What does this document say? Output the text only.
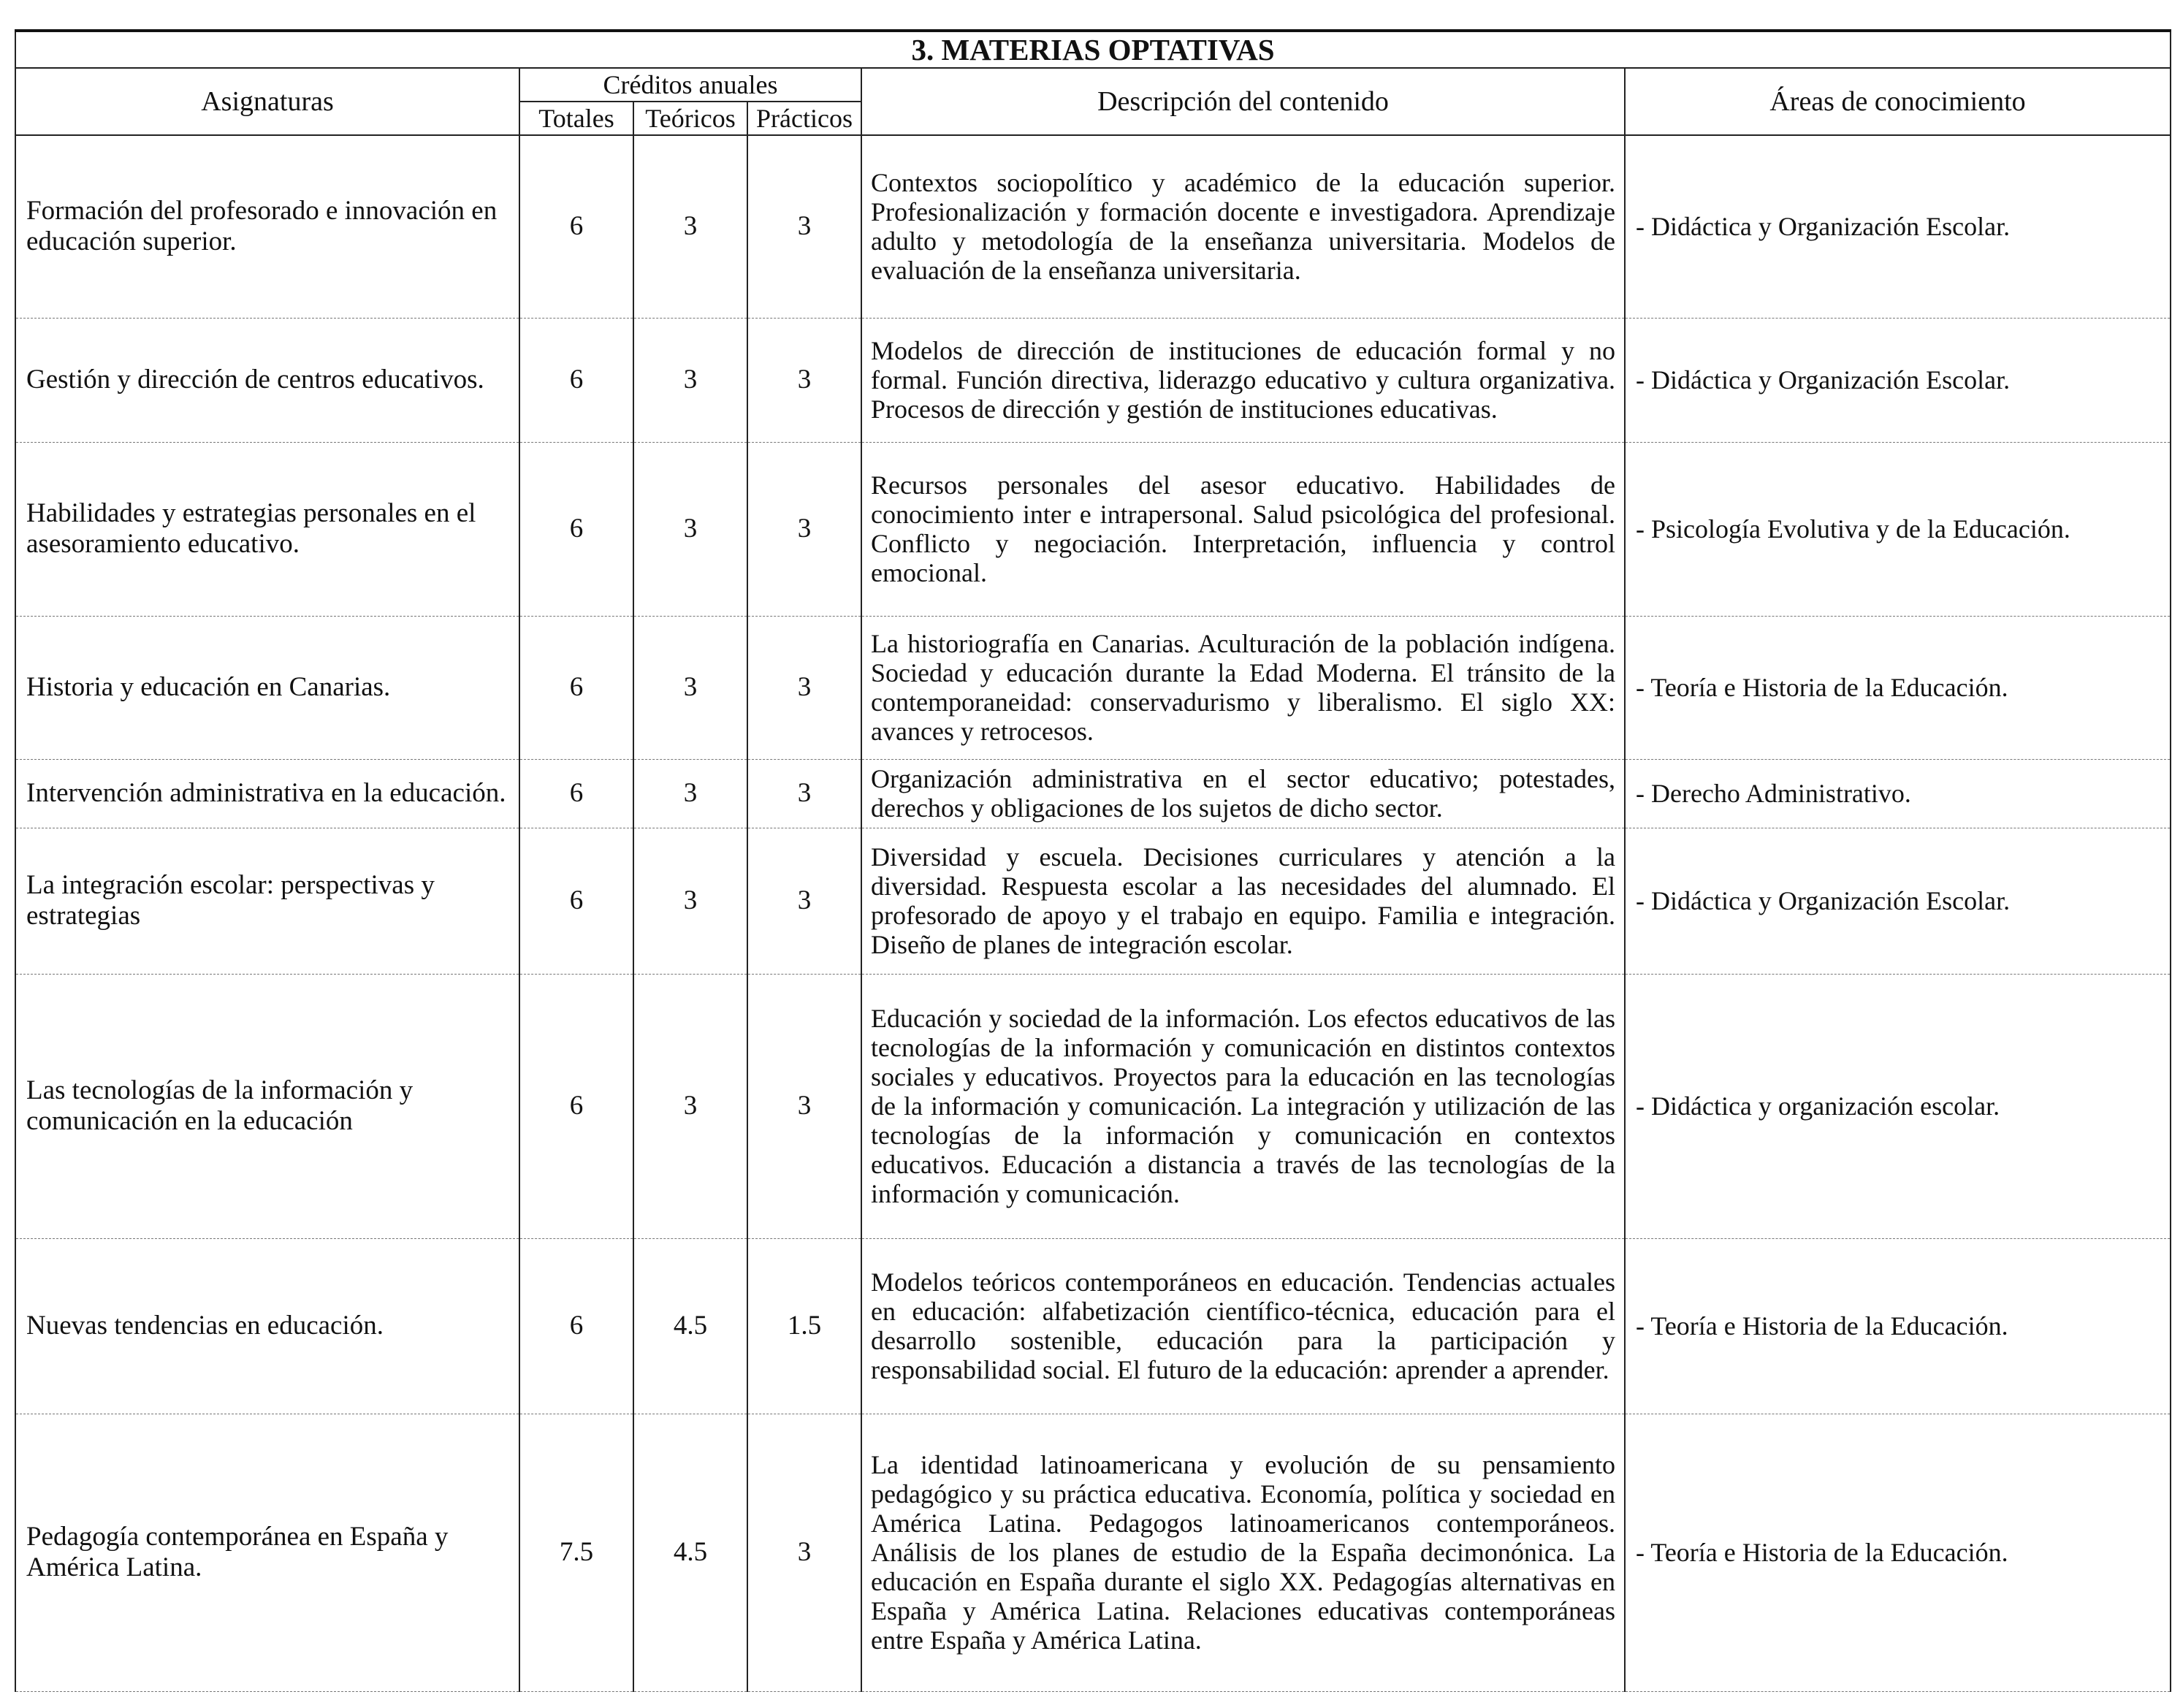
3. MATERIAS OPTATIVAS					
Asignaturas	Créditos anuales			Descripción del contenido	Áreas de conocimiento
	Totales	Teóricos	Prácticos		
Formación del profesorado e innovación en educación superior.	6	3	3	Contextos sociopolítico y académico de la educación superior. Profesionalización y formación docente e investigadora. Aprendizaje adulto y metodología de la enseñanza universitaria. Modelos de evaluación de la enseñanza universitaria.	- Didáctica y Organización Escolar.
Gestión y dirección de centros educativos.	6	3	3	Modelos de dirección de instituciones de educación formal y no formal. Función directiva, liderazgo educativo y cultura organizativa. Procesos de dirección y gestión de instituciones educativas.	- Didáctica y Organización Escolar.
Habilidades y estrategias personales en el asesoramiento educativo.	6	3	3	Recursos personales del asesor educativo. Habilidades de conocimiento inter e intrapersonal. Salud psicológica del profesional. Conflicto y negociación. Interpretación, influencia y control emocional.	- Psicología Evolutiva y de la Educación.
Historia y educación en Canarias.	6	3	3	La historiografía en Canarias. Aculturación de la población indígena. Sociedad y educación durante la Edad Moderna. El tránsito de la contemporaneidad: conservadurismo y liberalismo. El siglo XX: avances y retrocesos.	- Teoría e Historia de la Educación.
Intervención administrativa en la educación.	6	3	3	Organización administrativa en el sector educativo; potestades, derechos y obligaciones de los sujetos de dicho sector.	- Derecho Administrativo.
La integración escolar: perspectivas y estrategias	6	3	3	Diversidad y escuela. Decisiones curriculares y atención a la diversidad. Respuesta escolar a las necesidades del alumnado. El profesorado de apoyo y el trabajo en equipo. Familia e integración. Diseño de planes de integración escolar.	- Didáctica y Organización Escolar.
Las tecnologías de la información y comunicación en la educación	6	3	3	Educación y sociedad de la información. Los efectos educativos de las tecnologías de la información y comunicación en distintos contextos sociales y educativos. Proyectos para la educación en las tecnologías de la información y comunicación. La integración y utilización de las tecnologías de la información y comunicación en contextos educativos. Educación a distancia a través de las tecnologías de la información y comunicación.	- Didáctica y organización escolar.
Nuevas tendencias en educación.	6	4.5	1.5	Modelos teóricos contemporáneos en educación. Tendencias actuales en educación: alfabetización científico-técnica, educación para el desarrollo sostenible, educación para la participación y responsabilidad social. El futuro de la educación: aprender a aprender.	- Teoría e Historia de la Educación.
Pedagogía contemporánea en España y América Latina.	7.5	4.5	3	La identidad latinoamericana y evolución de su pensamiento pedagógico y su práctica educativa. Economía, política y sociedad en América Latina. Pedagogos latinoamericanos contemporáneos. Análisis de los planes de estudio de la España decimonónica. La educación en España durante el siglo XX. Pedagogías alternativas en España y América Latina. Relaciones educativas contemporáneas entre España y América Latina.	- Teoría e Historia de la Educación.
